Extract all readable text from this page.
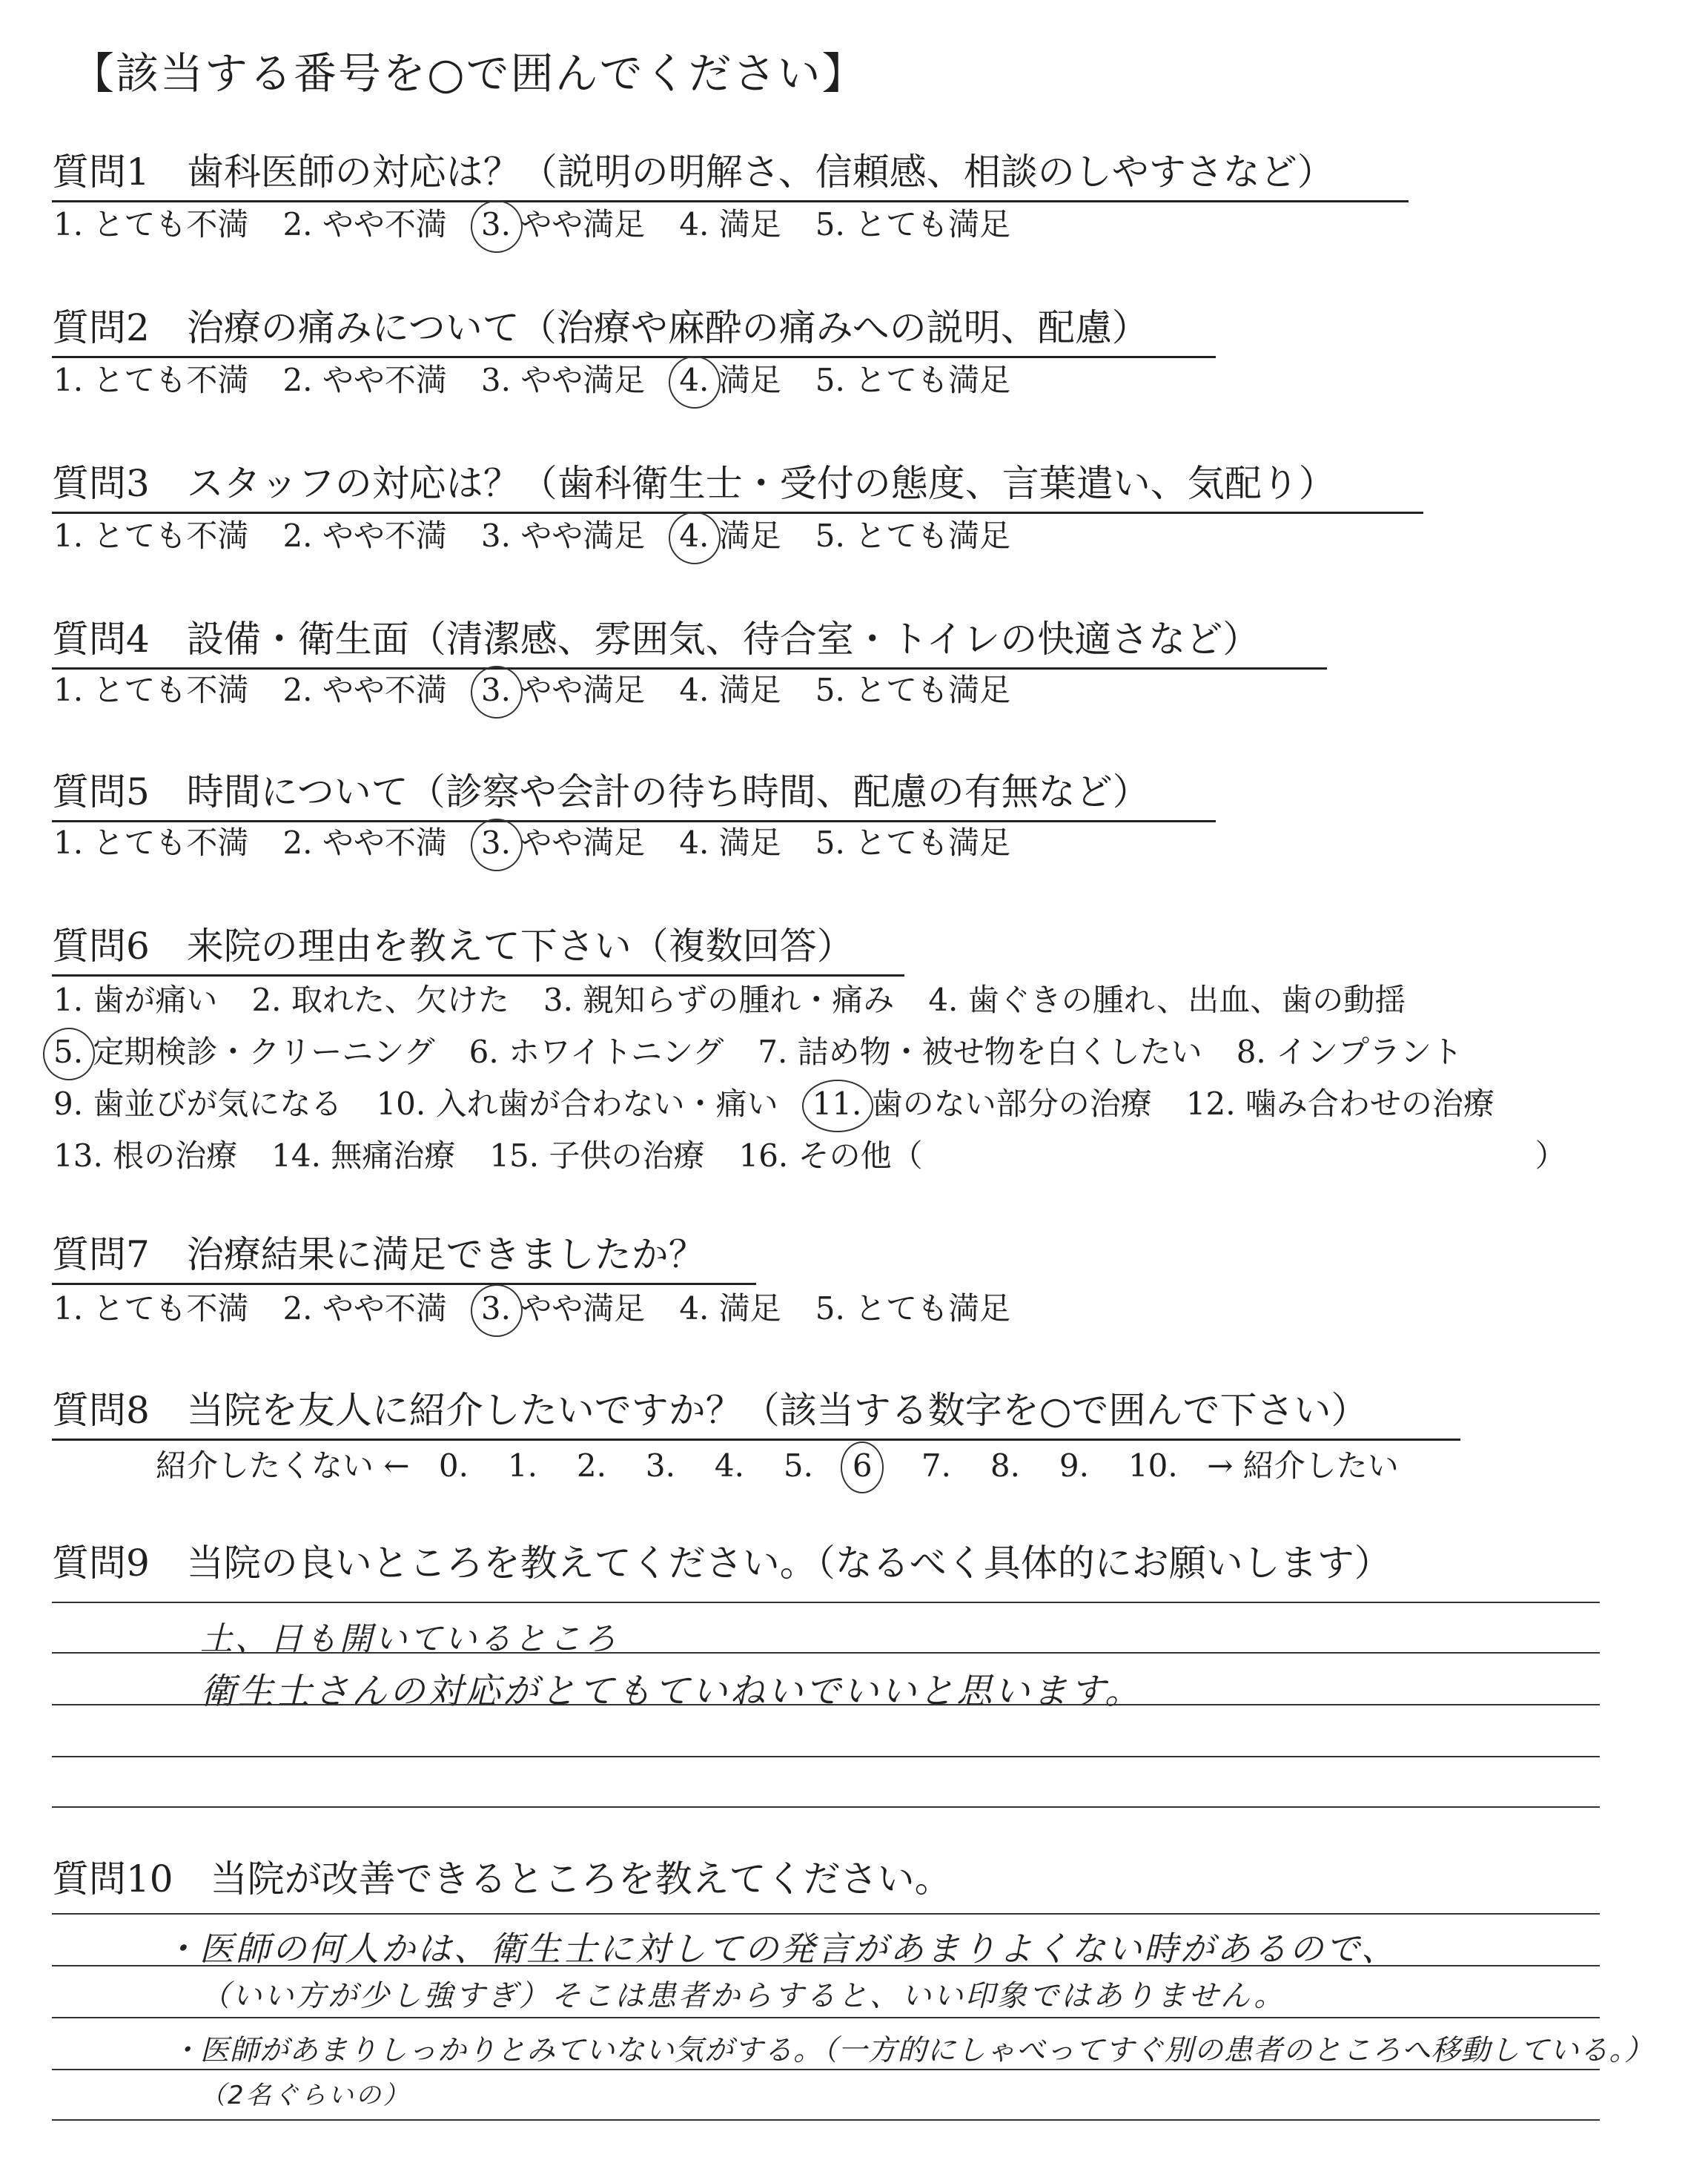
【該当する番号を○で囲んでください】
質問1　歯科医師の対応は？（説明の明解さ、信頼感、相談のしやすさなど）
1. とても不満 2. やや不満 3. やや満足 4. 満足 5. とても満足
質問2　治療の痛みについて（治療や麻酔の痛みへの説明、配慮）
1. とても不満 2. やや不満 3. やや満足 4. 満足 5. とても満足
質問3　スタッフの対応は？（歯科衛生士・受付の態度、言葉遣い、気配り）
1. とても不満 2. やや不満 3. やや満足 4. 満足 5. とても満足
質問4　設備・衛生面（清潔感、雰囲気、待合室・トイレの快適さなど）
1. とても不満 2. やや不満 3. やや満足 4. 満足 5. とても満足
質問5　時間について（診察や会計の待ち時間、配慮の有無など）
1. とても不満 2. やや不満 3. やや満足 4. 満足 5. とても満足
質問6　来院の理由を教えて下さい（複数回答）
1. 歯が痛い 2. 取れた、欠けた 3. 親知らずの腫れ・痛み 4. 歯ぐきの腫れ、出血、歯の動揺
5. 定期検診・クリーニング 6. ホワイトニング 7. 詰め物・被せ物を白くしたい 8. インプラント
9. 歯並びが気になる 10. 入れ歯が合わない・痛い 11. 歯のない部分の治療 12. 噛み合わせの治療
13. 根の治療 14. 無痛治療 15. 子供の治療 16. その他（	）
質問7　治療結果に満足できましたか？
1. とても不満 2. やや不満 3. やや満足 4. 満足 5. とても満足
質問8　当院を友人に紹介したいですか？（該当する数字を○で囲んで下さい）
紹介したくない ← 0. 1. 2. 3. 4. 5. 6 7. 8. 9. 10. → 紹介したい
質問9　当院の良いところを教えてください。（なるべく具体的にお願いします）
土、日も開いているところ
衛生士さんの対応がとてもていねいでいいと思います。
質問10　当院が改善できるところを教えてください。
・医師の何人かは、衛生士に対しての発言があまりよくない時があるので、
（いい方が少し強すぎ）そこは患者からすると、いい印象ではありません。
・医師があまりしっかりとみていない気がする。（一方的にしゃべってすぐ別の患者のところへ移動している。）
（2名ぐらいの）
